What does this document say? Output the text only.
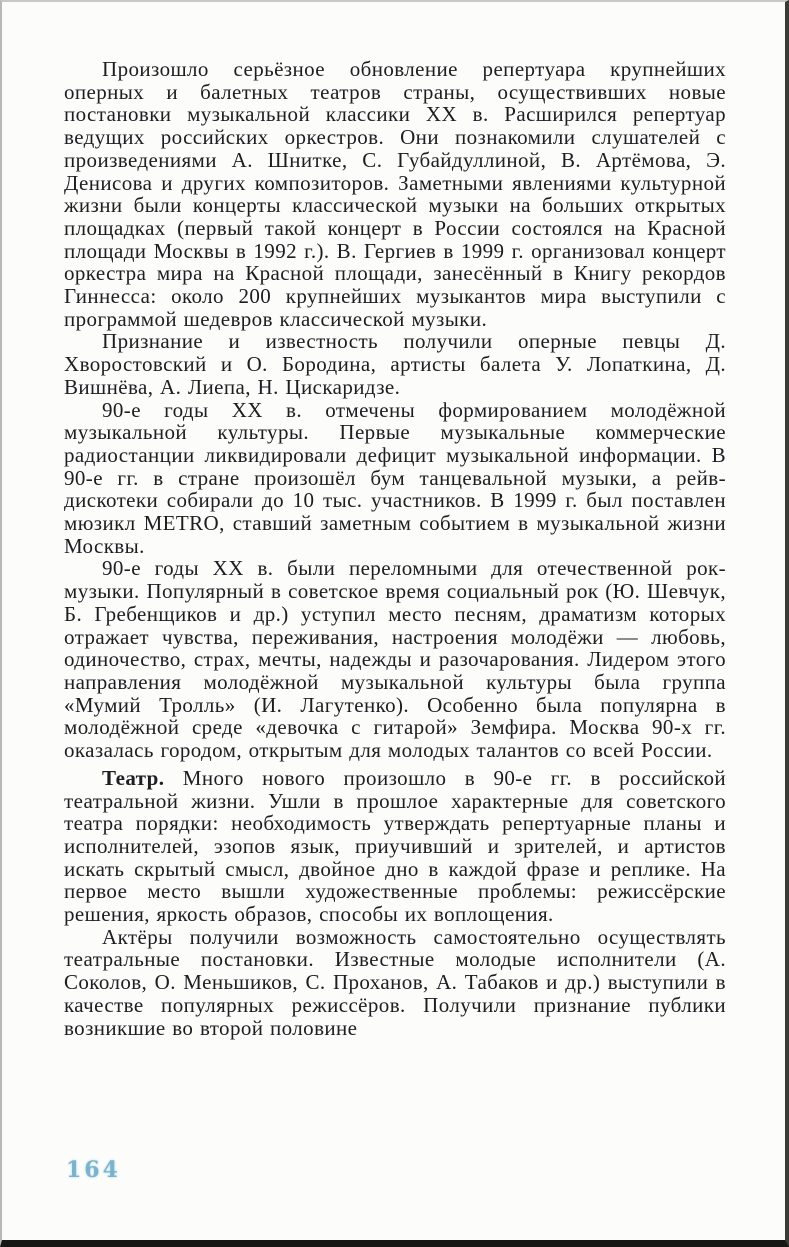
Произошло серьёзное обновление репертуара крупнейших оперных и балетных театров страны, осуществивших новые постановки музыкальной классики XX в. Расширился репертуар ведущих российских оркестров. Они познакомили слушателей с произведениями А. Шнитке, С. Губайдуллиной, В. Артёмова, Э. Денисова и других композиторов. Заметными явлениями культурной жизни были концерты классической музыки на больших открытых площадках (первый такой концерт в России состоялся на Красной площади Москвы в 1992 г.). В. Гергиев в 1999 г. организовал концерт оркестра мира на Красной площади, занесённый в Книгу рекордов Гиннесса: около 200 крупнейших музыкантов мира выступили с программой шедевров классической музыки.

Признание и известность получили оперные певцы Д. Хворостовский и О. Бородина, артисты балета У. Лопаткина, Д. Вишнёва, А. Лиепа, Н. Цискаридзе.

90-е годы XX в. отмечены формированием молодёжной музыкальной культуры. Первые музыкальные коммерческие радиостанции ликвидировали дефицит музыкальной информации. В 90-е гг. в стране произошёл бум танцевальной музыки, а рейв-дискотеки собирали до 10 тыс. участников. В 1999 г. был поставлен мюзикл METRO, ставший заметным событием в музыкальной жизни Москвы.

90-е годы XX в. были переломными для отечественной рок-музыки. Популярный в советское время социальный рок (Ю. Шевчук, Б. Гребенщиков и др.) уступил место песням, драматизм которых отражает чувства, переживания, настроения молодёжи — любовь, одиночество, страх, мечты, надежды и разочарования. Лидером этого направления молодёжной музыкальной культуры была группа «Мумий Тролль» (И. Лагутенко). Особенно была популярна в молодёжной среде «девочка с гитарой» Земфира. Москва 90-х гг. оказалась городом, открытым для молодых талантов со всей России.

Театр. Много нового произошло в 90-е гг. в российской театральной жизни. Ушли в прошлое характерные для советского театра порядки: необходимость утверждать репертуарные планы и исполнителей, эзопов язык, приучивший и зрителей, и артистов искать скрытый смысл, двойное дно в каждой фразе и реплике. На первое место вышли художественные проблемы: режиссёрские решения, яркость образов, способы их воплощения.

Актёры получили возможность самостоятельно осуществлять театральные постановки. Известные молодые исполнители (А. Соколов, О. Меньшиков, С. Проханов, А. Табаков и др.) выступили в качестве популярных режиссёров. Получили признание публики возникшие во второй половине

164
